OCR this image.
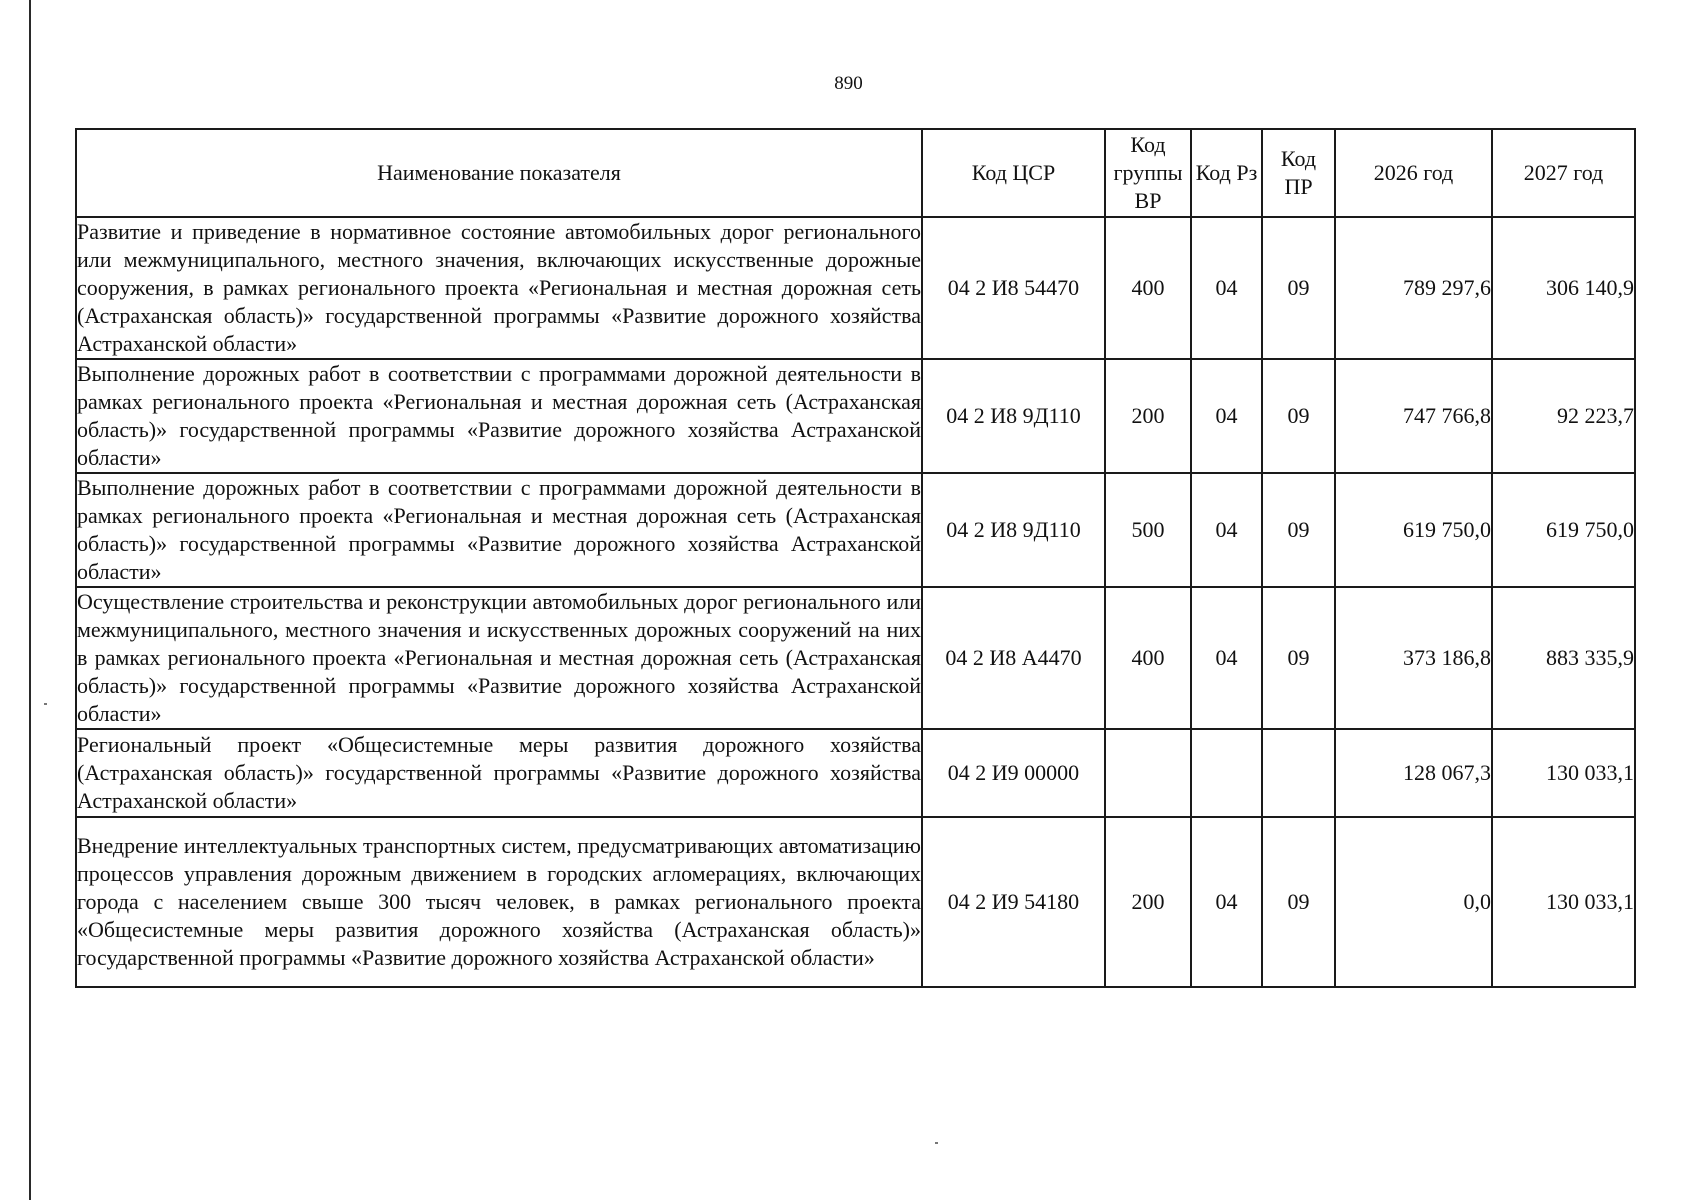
890
Наименование показателя	Код ЦСР	Код группы ВР	Код Рз	Код ПР	2026 год	2027 год
Развитие и приведение в нормативное состояние автомобильных дорог регионального или межмуниципального, местного значения, включающих искусственные дорожные сооружения, в рамках регионального проекта «Региональная и местная дорожная сеть (Астраханская область)» государственной программы «Развитие дорожного хозяйства Астраханской области»	04 2 И8 54470	400	04	09	789 297,6	306 140,9
Выполнение дорожных работ в соответствии с программами дорожной деятельности в рамках регионального проекта «Региональная и местная дорожная сеть (Астраханская область)» государственной программы «Развитие дорожного хозяйства Астраханской области»	04 2 И8 9Д110	200	04	09	747 766,8	92 223,7
Выполнение дорожных работ в соответствии с программами дорожной деятельности в рамках регионального проекта «Региональная и местная дорожная сеть (Астраханская область)» государственной программы «Развитие дорожного хозяйства Астраханской области»	04 2 И8 9Д110	500	04	09	619 750,0	619 750,0
Осуществление строительства и реконструкции автомобильных дорог регионального или межмуниципального, местного значения и искусственных дорожных сооружений на них в рамках регионального проекта «Региональная и местная дорожная сеть (Астраханская область)» государственной программы «Развитие дорожного хозяйства Астраханской области»	04 2 И8 А4470	400	04	09	373 186,8	883 335,9
Региональный проект «Общесистемные меры развития дорожного хозяйства (Астраханская область)» государственной программы «Развитие дорожного хозяйства Астраханской области»	04 2 И9 00000				128 067,3	130 033,1
Внедрение интеллектуальных транспортных систем, предусматривающих автоматизацию процессов управления дорожным движением в городских агломерациях, включающих города с населением свыше 300 тысяч человек, в рамках регионального проекта «Общесистемные меры развития дорожного хозяйства (Астраханская область)» государственной программы «Развитие дорожного хозяйства Астраханской области»	04 2 И9 54180	200	04	09	0,0	130 033,1
